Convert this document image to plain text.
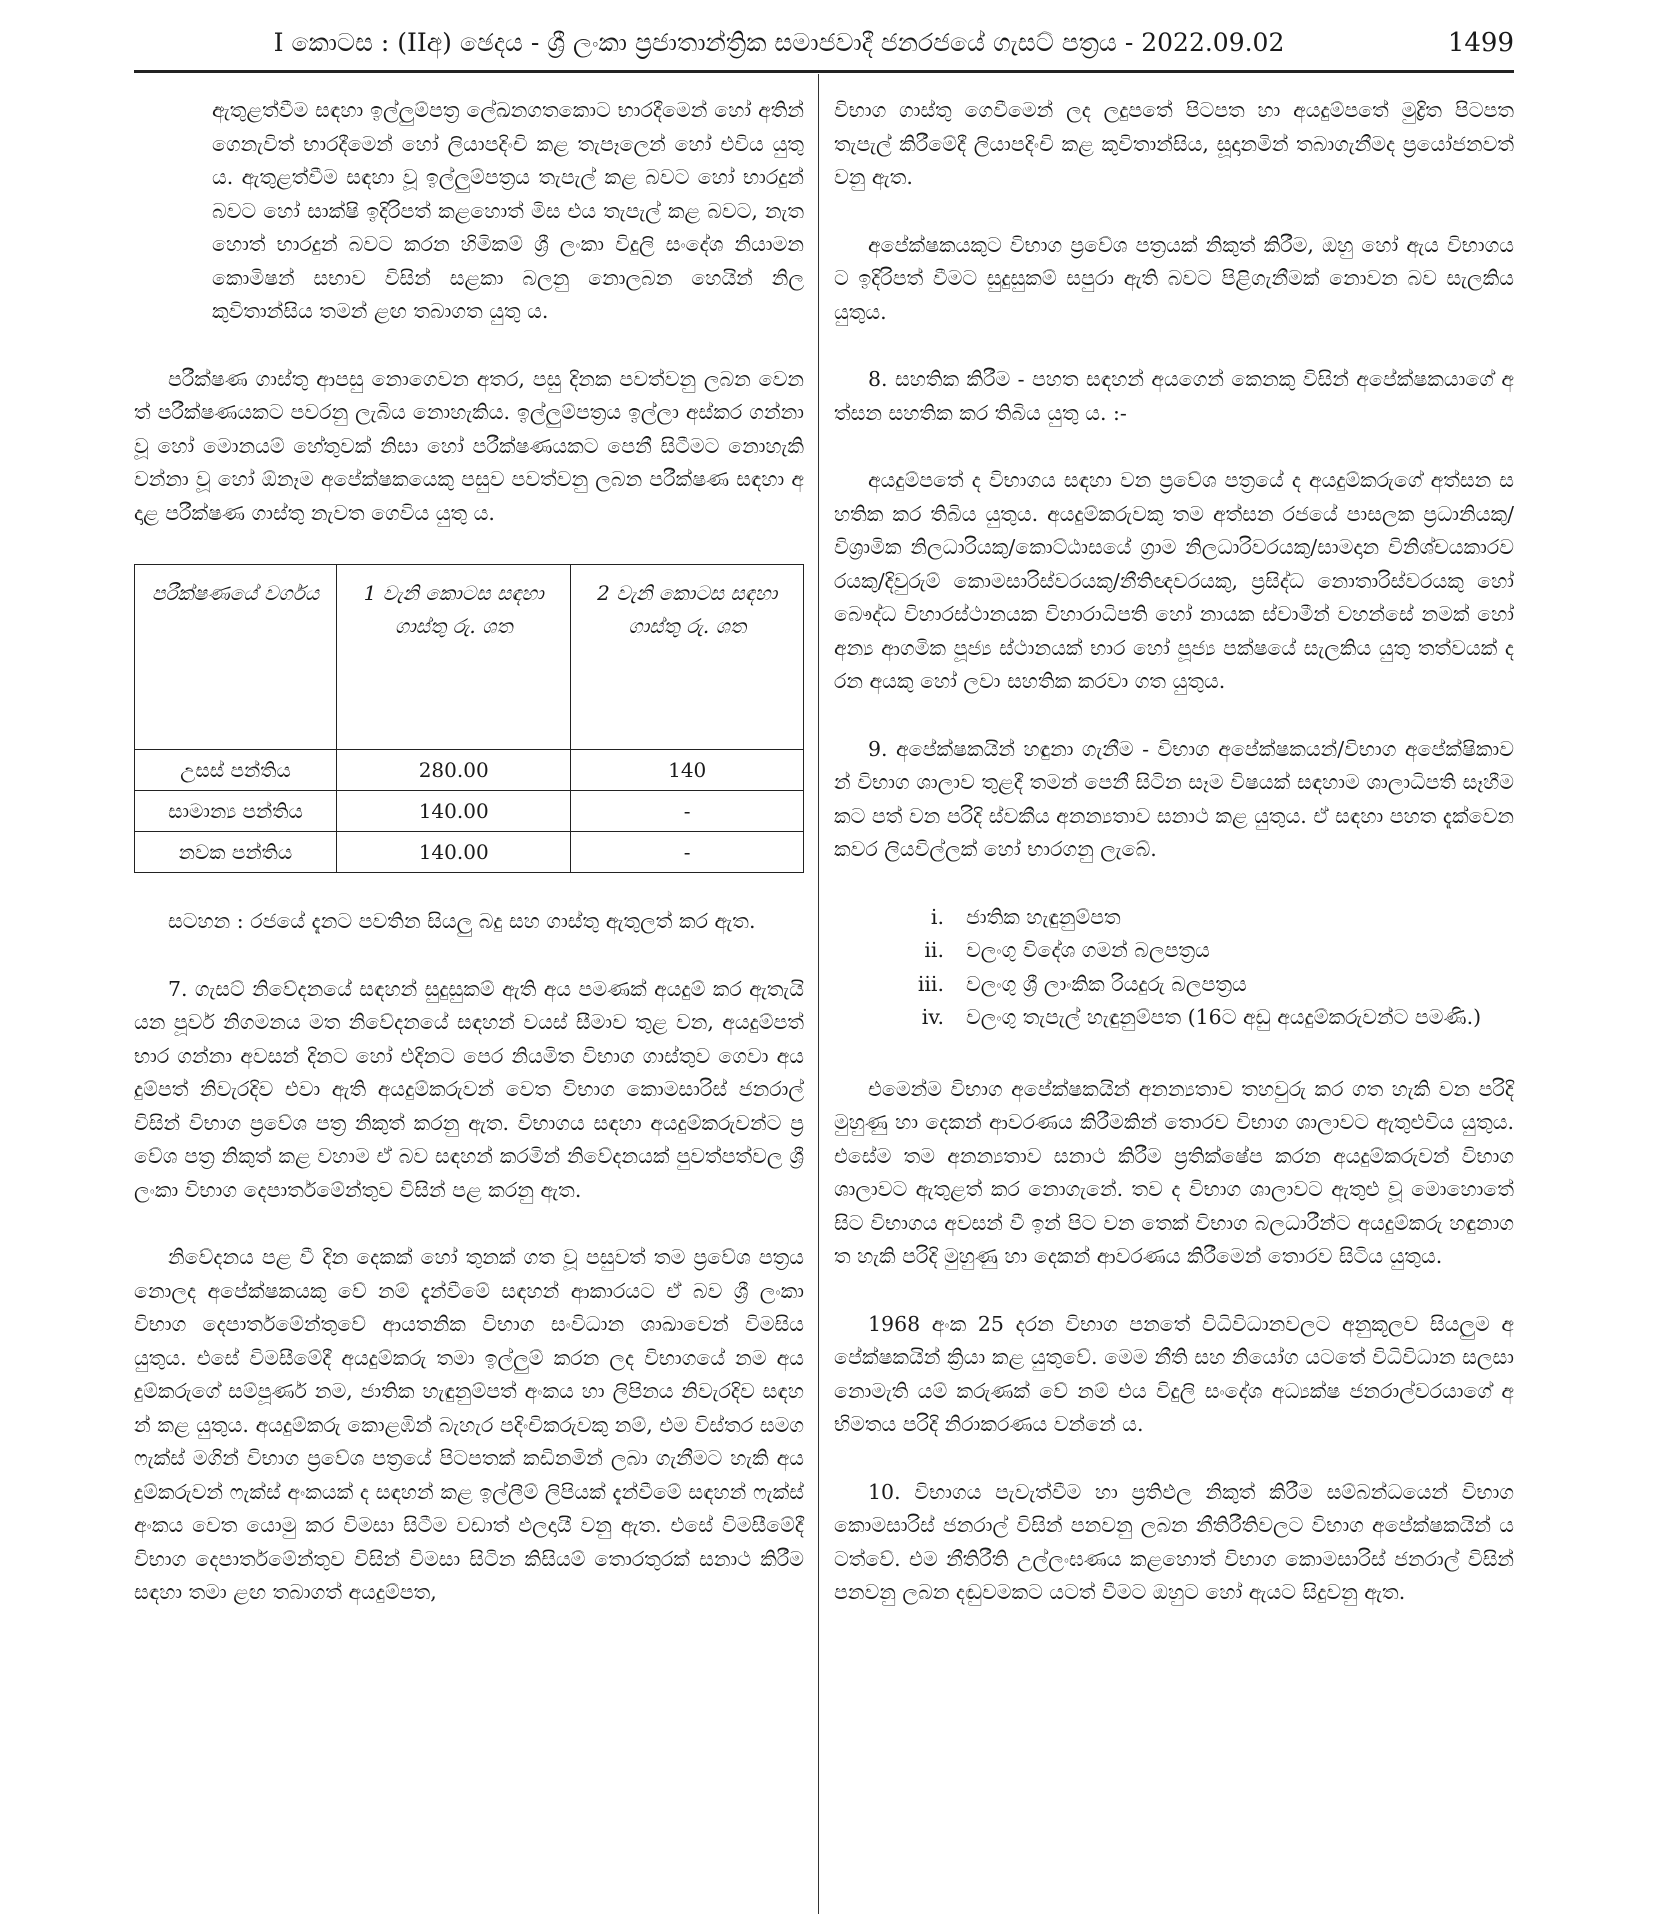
I කොටස : (IIඅ) ඡෙදය - ශ්‍රී ලංකා ප්‍රජාතාන්ත්‍රික සමාජවාදී ජනරජයේ ගැසට් පත්‍රය - 2022.09.02	1499

ඇතුළත්වීම සඳහා ඉල්ලුම්පත්‍ර ලේඛනගතකොට භාරදීමෙන් හෝ අතින් ගෙනැවිත් භාරදීමෙන් හෝ ලියාපදිංචි කළ තැපෑලෙන් හෝ එවිය යුතු ය. ඇතුළත්වීම සඳහා වූ ඉල්ලුම්පත්‍රය තැපැල් කළ බවට හෝ භාරදුන් බවට හෝ සාක්ෂි ඉදිරිපත් කළහොත් මිස එය තැපැල් කළ බවට, නැතහොත් භාරදුන් බවට කරන හිමිකම් ශ්‍රී ලංකා විදුලි සංදේශ නියාමන කොමිෂන් සභාව විසින් සළකා බලනු නොලබන හෙයින් නිල කුවිතාන්සිය තමන් ළඟ තබාගත යුතු ය.

පරීක්ෂණ ගාස්තු ආපසු නොගෙවන අතර, පසු දිනක පවත්වනු ලබන වෙනත් පරීක්ෂණයකට පවරනු ලැබිය නොහැකිය. ඉල්ලුම්පත්‍රය ඉල්ලා අස්කර ගන්නා වූ හෝ මොනයම් හේතුවක් නිසා හෝ පරීක්ෂණයකට පෙනී සිටීමට නොහැකි වන්නා වූ හෝ ඕනෑම අපේක්ෂකයෙකු පසුව පවත්වනු ලබන පරීක්ෂණ සඳහා අදාළ පරීක්ෂණ ගාස්තු නැවත ගෙවිය යුතු ය.

පරීක්ෂණයේ වර්ගය	1 වැනි කොටස සඳහා ගාස්තු රු. ශත	2 වැනි කොටස සඳහා ගාස්තු රු. ශත
උසස් පන්තිය	280.00	140
සාමාන්‍ය පන්තිය	140.00	-
නවක පන්තිය	140.00	-

සටහන : රජයේ දැනට පවතින සියලු බදු සහ ගාස්තු ඇතුලත් කර ඇත.

7. ගැසට් නිවේදනයේ සඳහන් සුදුසුකම් ඇති අය පමණක් අයදුම් කර ඇතැයි යන පූර්ව නිගමනය මත නිවේදනයේ සඳහන් වයස් සීමාව තුළ වන, අයදුම්පත් භාර ගන්නා අවසන් දිනට හෝ එදිනට පෙර නියමිත විභාග ගාස්තුව ගෙවා අයදුම්පත් නිවැරදිව එවා ඇති අයදුම්කරුවන් වෙත විභාග කොමසාරිස් ජනරාල් විසින් විභාග ප්‍රවේශ පත්‍ර නිකුත් කරනු ඇත. විභාගය සඳහා අයදුම්කරුවන්ට ප්‍රවේශ පත්‍ර නිකුත් කළ වහාම ඒ බව සඳහන් කරමින් නිවේදනයක් පුවත්පත්වල ශ්‍රී ලංකා විභාග දෙපාර්තමේන්තුව විසින් පළ කරනු ඇත.

නිවේදනය පළ වී දින දෙකක් හෝ තුනක් ගත වූ පසුවත් තම ප්‍රවේශ පත්‍රය නොලද අපේක්ෂකයකු වේ නම් දැන්වීමේ සඳහන් ආකාරයට ඒ බව ශ්‍රී ලංකා විභාග දෙපාර්තමේන්තුවේ ආයතනික විභාග සංවිධාන ශාඛාවෙන් විමසිය යුතුය. එසේ විමසීමේදී අයදුම්කරු තමා ඉල්ලුම් කරන ලද විභාගයේ නම අයදුම්කරුගේ සම්පූර්ණ නම, ජාතික හැඳුනුම්පත් අංකය හා ලිපිනය නිවැරදිව සඳහන් කළ යුතුය. අයදුම්කරු කොළඹින් බැහැර පදිංචිකරුවකු නම්, එම විස්තර සමග ෆැක්ස් මගින් විභාග ප්‍රවේශ පත්‍රයේ පිටපතක් කඩිනමින් ලබා ගැනීමට හැකි අයදුම්කරුවන් ෆැක්ස් අංකයක් ද සඳහන් කළ ඉල්ලීම් ලිපියක් දැන්වීමේ සඳහන් ෆැක්ස් අංකය වෙත යොමු කර විමසා සිටීම වඩාත් ඵලදායී වනු ඇත. එසේ විමසීමේදී විභාග දෙපාර්තමේන්තුව විසින් විමසා සිටින කිසියම් තොරතුරක් සනාථ කිරීම සඳහා තමා ළඟ තබාගත් අයදුම්පත,

විභාග ගාස්තු ගෙවීමෙන් ලද ලදුපතේ පිටපත හා අයදුම්පතේ මුද්‍රිත පිටපත තැපැල් කිරීමේදී ලියාපදිංචි කළ කුවිතාන්සිය, සූදානමින් තබාගැනීමද ප්‍රයෝජනවත් වනු ඇත.

අපේක්ෂකයකුට විභාග ප්‍රවේශ පත්‍රයක් නිකුත් කිරීම, ඔහු හෝ ඇය විභාගයට ඉදිරිපත් වීමට සුදුසුකම් සපුරා ඇති බවට පිළිගැනීමක් නොවන බව සැලකිය යුතුය.

8. සහතික කිරීම - පහත සඳහන් අයගෙන් කෙනකු විසින් අපේක්ෂකයාගේ අත්සන සහතික කර තිබිය යුතු ය. :-

අයදුම්පතේ ද විභාගය සඳහා වන ප්‍රවේශ පත්‍රයේ ද අයදුම්කරුගේ අත්සන සහතික කර තිබිය යුතුය. අයදුම්කරුවකු තම අත්සන රජයේ පාසලක ප්‍රධානියකු/විශ්‍රාමික නිලධාරියකු/කොට්ඨාසයේ ග්‍රාම නිලධාරිවරයකු/සාමදාන විනිශ්චයකාරවරයකු/දිවුරුම් කොමසාරිස්වරයකු/නීතිඥවරයකු, ප්‍රසිද්ධ නොතාරිස්වරයකු හෝ බෞද්ධ විහාරස්ථානයක විහාරාධිපති හෝ නායක ස්වාමීන් වහන්සේ නමක් හෝ අන්‍ය ආගමික පූජ්‍ය ස්ථානයක් භාර හෝ පූජ්‍ය පක්ෂයේ සැලකිය යුතු තත්වයක් දරන අයකු හෝ ලවා සහතික කරවා ගත යුතුය.

9. අපේක්ෂකයින් හඳුනා ගැනීම - විභාග අපේක්ෂකයන්/විභාග අපේක්ෂිකාවන් විභාග ශාලාව තුළදී තමන් පෙනී සිටින සෑම විෂයක් සඳහාම ශාලාධිපති සෑහීමකට පත් වන පරිදි ස්වකීය අනන්‍යතාව සනාථ කළ යුතුය. ඒ සඳහා පහත දැක්වෙන කවර ලියවිල්ලක් හෝ භාරගනු ලැබේ.

i.	ජාතික හැඳුනුම්පත
ii.	වලංගු විදේශ ගමන් බලපත්‍රය
iii.	වලංගු ශ්‍රී ලාංකික රියදුරු බලපත්‍රය
iv.	වලංගු තැපැල් හැඳුනුම්පත (16ට අඩු අයදුම්කරුවන්ට පමණි.)

එමෙන්ම විභාග අපේක්ෂකයින් අනන්‍යතාව තහවුරු කර ගත හැකි වන පරිදි මුහුණු හා දෙකන් ආවරණය කිරීමකින් තොරව විභාග ශාලාවට ඇතුළුවිය යුතුය. එසේම තම අනන්‍යතාව සනාථ කිරීම ප්‍රතික්ෂේප කරන අයදුම්කරුවන් විභාග ශාලාවට ඇතුළත් කර නොගැනේ. තව ද විභාග ශාලාවට ඇතුළු වූ මොහොතේ සිට විභාගය අවසන් වී ඉන් පිට වන තෙක් විභාග බලධාරීන්ට අයදුම්කරු හඳුනාගත හැකි පරිදි මුහුණු හා දෙකන් ආවරණය කිරීමෙන් තොරව සිටිය යුතුය.

1968 අංක 25 දරන විභාග පනතේ විධිවිධානවලට අනුකූලව සියලුම අපේක්ෂකයින් ක්‍රියා කළ යුතුවේ. මෙම නීති සහ නියෝග යටතේ විධිවිධාන සලසා නොමැති යම් කරුණක් වේ නම් එය විදුලි සංදේශ අධ්‍යක්ෂ ජනරාල්වරයාගේ අභිමතය පරිදි නිරාකරණය වන්නේ ය.

10. විභාගය පැවැත්වීම හා ප්‍රතිඵල නිකුත් කිරීම සම්බන්ධයෙන් විභාග කොමසාරිස් ජනරාල් විසින් පනවනු ලබන නීතිරීතිවලට විභාග අපේක්ෂකයින් යටත්වේ. එම නීතිරීති උල්ලංඝණය කළහොත් විභාග කොමසාරිස් ජනරාල් විසින් පනවනු ලබන දඬුවමකට යටත් වීමට ඔහුට හෝ ඇයට සිදුවනු ඇත.
